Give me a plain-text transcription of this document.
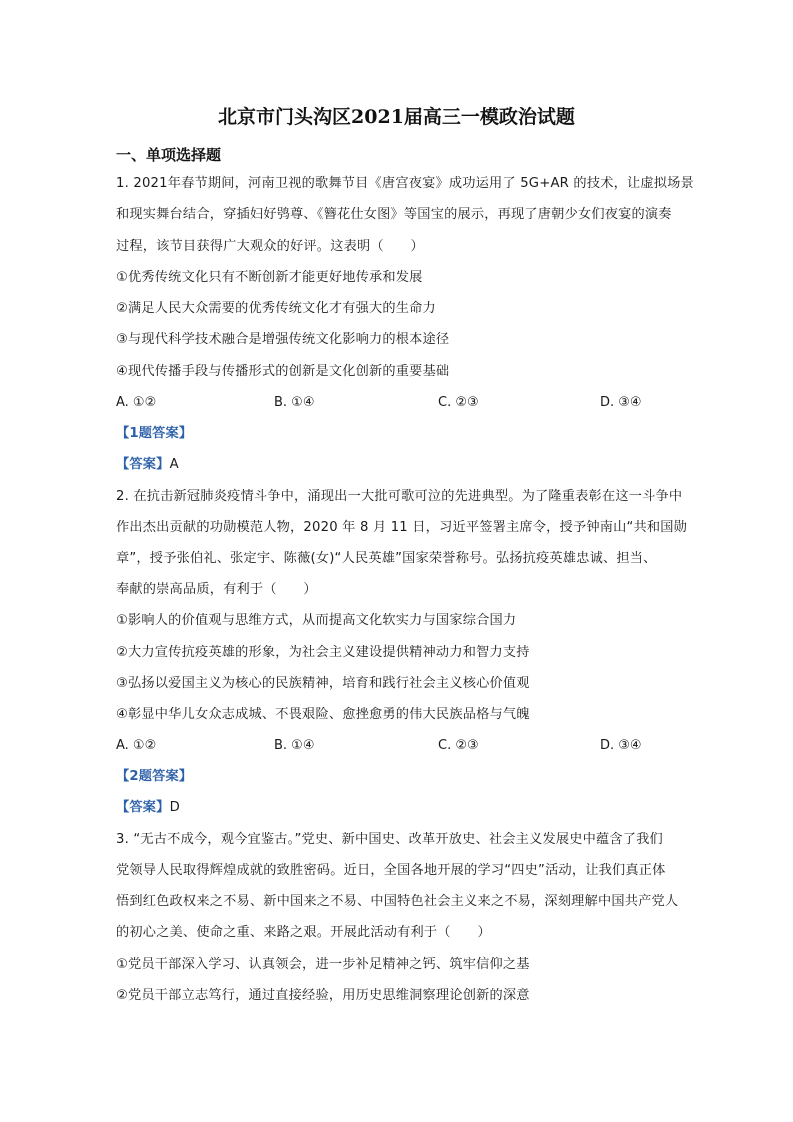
北京市门头沟区2021届高三一模政治试题
一、单项选择题
1. 2021年春节期间，河南卫视的歌舞节目《唐宫夜宴》成功运用了 5G+AR 的技术，让虚拟场景
和现实舞台结合，穿插妇好鸮尊、《簪花仕女图》等国宝的展示，再现了唐朝少女们夜宴的演奏
过程，该节目获得广大观众的好评。这表明（　　）
①优秀传统文化只有不断创新才能更好地传承和发展
②满足人民大众需要的优秀传统文化才有强大的生命力
③与现代科学技术融合是增强传统文化影响力的根本途径
④现代传播手段与传播形式的创新是文化创新的重要基础
A. ①②	B. ①④	C. ②③	D. ③④
【1题答案】
【答案】A
2. 在抗击新冠肺炎疫情斗争中，涌现出一大批可歌可泣的先进典型。为了隆重表彰在这一斗争中
作出杰出贡献的功勋模范人物，2020 年 8 月 11 日，习近平签署主席令，授予钟南山“共和国勋
章”，授予张伯礼、张定宇、陈薇(女)“人民英雄”国家荣誉称号。弘扬抗疫英雄忠诚、担当、
奉献的崇高品质，有利于（　　）
①影响人的价值观与思维方式，从而提高文化软实力与国家综合国力
②大力宣传抗疫英雄的形象，为社会主义建设提供精神动力和智力支持
③弘扬以爱国主义为核心的民族精神，培育和践行社会主义核心价值观
④彰显中华儿女众志成城、不畏艰险、愈挫愈勇的伟大民族品格与气魄
A. ①②	B. ①④	C. ②③	D. ③④
【2题答案】
【答案】D
3. “无古不成今，观今宜鉴古。”党史、新中国史、改革开放史、社会主义发展史中蕴含了我们
党领导人民取得辉煌成就的致胜密码。近日，全国各地开展的学习“四史”活动，让我们真正体
悟到红色政权来之不易、新中国来之不易、中国特色社会主义来之不易，深刻理解中国共产党人
的初心之美、使命之重、来路之艰。开展此活动有利于（　　）
①党员干部深入学习、认真领会，进一步补足精神之钙、筑牢信仰之基
②党员干部立志笃行，通过直接经验，用历史思维洞察理论创新的深意
